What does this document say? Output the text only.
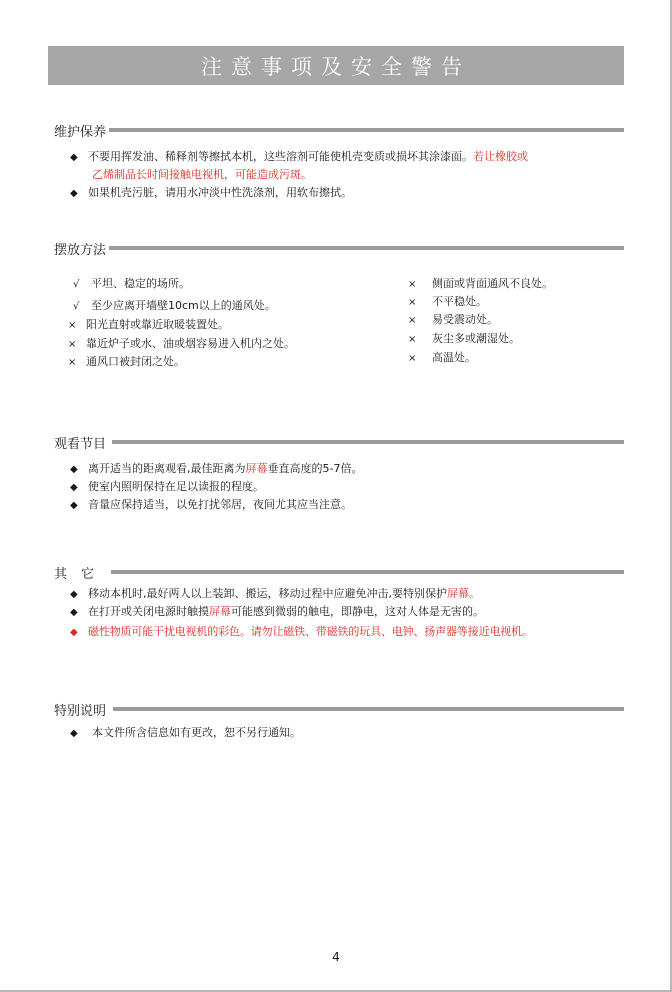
注意事项及安全警告
维护保养
◆ 不要用挥发油、稀释剂等擦拭本机，这些溶剂可能使机壳变质或损坏其涂漆面。若让橡胶或
乙烯制品长时间接触电视机，可能造成污斑。
◆ 如果机壳污脏，请用水冲淡中性洗涤剂，用软布擦拭。
摆放方法
√ 平坦、稳定的场所。
√ 至少应离开墙壁10cm以上的通风处。
× 阳光直射或靠近取暖装置处。
× 靠近炉子或水、油或烟容易进入机内之处。
× 通风口被封闭之处。
× 侧面或背面通风不良处。
× 不平稳处。
× 易受震动处。
× 灰尘多或潮湿处。
× 高温处。
观看节目
◆ 离开适当的距离观看,最佳距离为屏幕垂直高度的5-7倍。
◆ 使室内照明保持在足以读报的程度。
◆ 音量应保持适当，以免打扰邻居，夜间尤其应当注意。
其它
◆ 移动本机时,最好两人以上装卸、搬运，移动过程中应避免冲击,要特别保护屏幕。
◆ 在打开或关闭电源时触摸屏幕可能感到微弱的触电，即静电，这对人体是无害的。
◆ 磁性物质可能干扰电视机的彩色。请勿让磁铁、带磁铁的玩具、电钟、扬声器等接近电视机。
特别说明
◆ 本文件所含信息如有更改，恕不另行通知。
4
